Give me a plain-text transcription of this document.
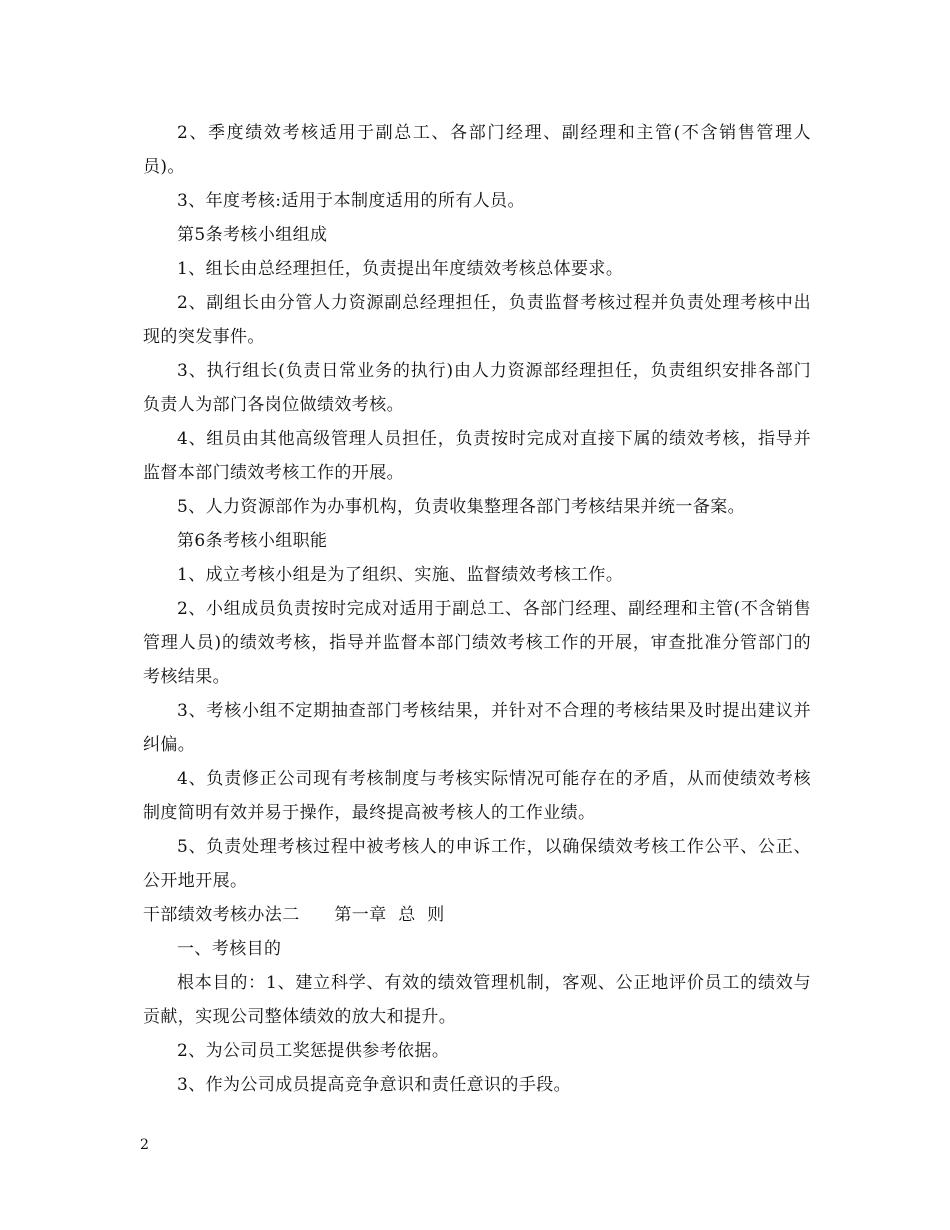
2、季度绩效考核适用于副总工、各部门经理、副经理和主管(不含销售管理人员)。

3、年度考核:适用于本制度适用的所有人员。

第5条考核小组组成

1、组长由总经理担任，负责提出年度绩效考核总体要求。

2、副组长由分管人力资源副总经理担任，负责监督考核过程并负责处理考核中出现的突发事件。

3、执行组长(负责日常业务的执行)由人力资源部经理担任，负责组织安排各部门负责人为部门各岗位做绩效考核。

4、组员由其他高级管理人员担任，负责按时完成对直接下属的绩效考核，指导并监督本部门绩效考核工作的开展。

5、人力资源部作为办事机构，负责收集整理各部门考核结果并统一备案。

第6条考核小组职能

1、成立考核小组是为了组织、实施、监督绩效考核工作。

2、小组成员负责按时完成对适用于副总工、各部门经理、副经理和主管(不含销售管理人员)的绩效考核，指导并监督本部门绩效考核工作的开展，审查批准分管部门的考核结果。

3、考核小组不定期抽查部门考核结果，并针对不合理的考核结果及时提出建议并纠偏。

4、负责修正公司现有考核制度与考核实际情况可能存在的矛盾，从而使绩效考核制度简明有效并易于操作，最终提高被考核人的工作业绩。

5、负责处理考核过程中被考核人的申诉工作，以确保绩效考核工作公平、公正、公开地开展。

干部绩效考核办法二　　第一章  总  则

一、考核目的

根本目的：1、建立科学、有效的绩效管理机制，客观、公正地评价员工的绩效与贡献，实现公司整体绩效的放大和提升。

2、为公司员工奖惩提供参考依据。

3、作为公司成员提高竞争意识和责任意识的手段。

2
